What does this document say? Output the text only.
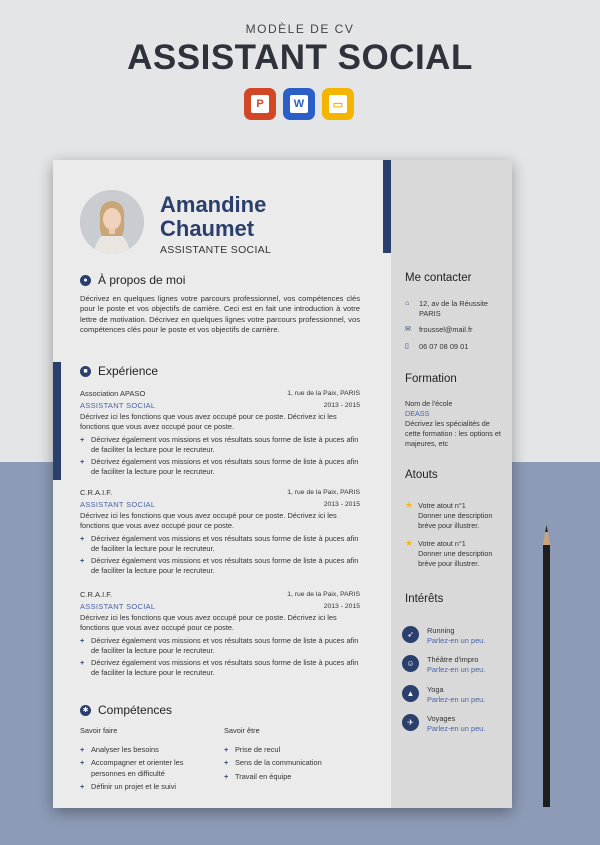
MODÈLE DE CV
ASSISTANT SOCIAL
P	W	▭
Amandine
Chaumet
ASSISTANTE SOCIAL
● À propos de moi
Décrivez en quelques lignes votre parcours professionnel, vos compétences clés pour le poste et vos objectifs de carrière. Ceci est en fait une introduction à votre lettre de motivation. Décrivez en quelques lignes votre parcours professionnel, vos compétences clés pour le poste et vos objectifs de carrière.
■ Expérience
Association APASO	1, rue de la Paix, PARIS
ASSISTANT SOCIAL	2013 - 2015
Décrivez ici les fonctions que vous avez occupé pour ce poste. Décrivez ici les fonctions que vous avez occupé pour ce poste.
+ Décrivez également vos missions et vos résultats sous forme de liste à puces afin de faciliter la lecture pour le recruteur.
+ Décrivez également vos missions et vos résultats sous forme de liste à puces afin de faciliter la lecture pour le recruteur.
C.R.A.I.F.	1, rue de la Paix, PARIS
ASSISTANT SOCIAL	2013 - 2015
Décrivez ici les fonctions que vous avez occupé pour ce poste. Décrivez ici les fonctions que vous avez occupé pour ce poste.
+ Décrivez également vos missions et vos résultats sous forme de liste à puces afin de faciliter la lecture pour le recruteur.
+ Décrivez également vos missions et vos résultats sous forme de liste à puces afin de faciliter la lecture pour le recruteur.
C.R.A.I.F.	1, rue de la Paix, PARIS
ASSISTANT SOCIAL	2013 - 2015
Décrivez ici les fonctions que vous avez occupé pour ce poste. Décrivez ici les fonctions que vous avez occupé pour ce poste.
+ Décrivez également vos missions et vos résultats sous forme de liste à puces afin de faciliter la lecture pour le recruteur.
+ Décrivez également vos missions et vos résultats sous forme de liste à puces afin de faciliter la lecture pour le recruteur.
✱ Compétences
Savoir faire
+ Analyser les besoins
+ Accompagner et orienter les personnes en difficulté
+ Définir un projet et le suivi
Savoir être
+ Prise de recul
+ Sens de la communication
+ Travail en équipe
Me contacter
⌂	12, av de la Réussite
PARIS
✉ froussel@mail.fr
▯	06 07 08 09 01
Formation
Nom de l'école
DEASS
Décrivez les spécialités de cette formation : les options et majeures, etc
Atouts
★ Votre atout n°1
Donner une description brève pour illustrer.
★ Votre atout n°1
Donner une description brève pour illustrer.
Intérêts
➶	Running
Parlez-en un peu.
☺	Théâtre d'impro
Parlez-en un peu.
▲	Yoga
Parlez-en un peu.
✈	Voyages
Parlez-en un peu.
